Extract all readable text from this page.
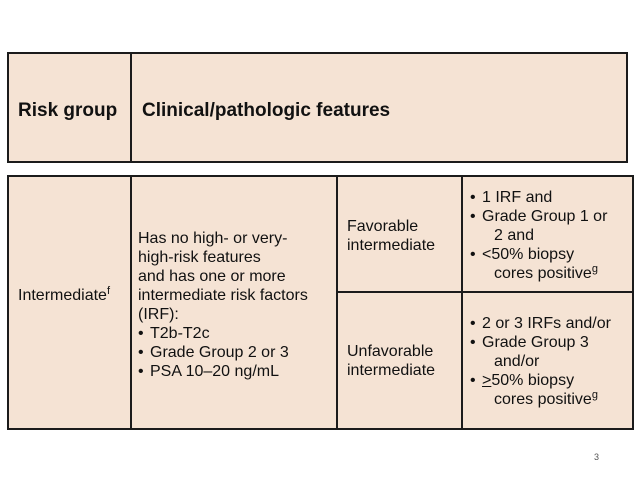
Risk group Clinical/pathologic features
Intermediate$^f$
Has no high- or very-
high-risk features
and has one or more
intermediate risk factors
(IRF):
• T2b-T2c
• Grade Group 2 or 3
• PSA 10–20 ng/mL
Favorable
intermediate
• 1 IRF and
• Grade Group 1 or
2 and
• <50% biopsy
cores positive$^g$
Unfavorable
intermediate
• 2 or 3 IRFs and/or
• Grade Group 3
and/or
• ≥50% biopsy
cores positive$^g$
3
